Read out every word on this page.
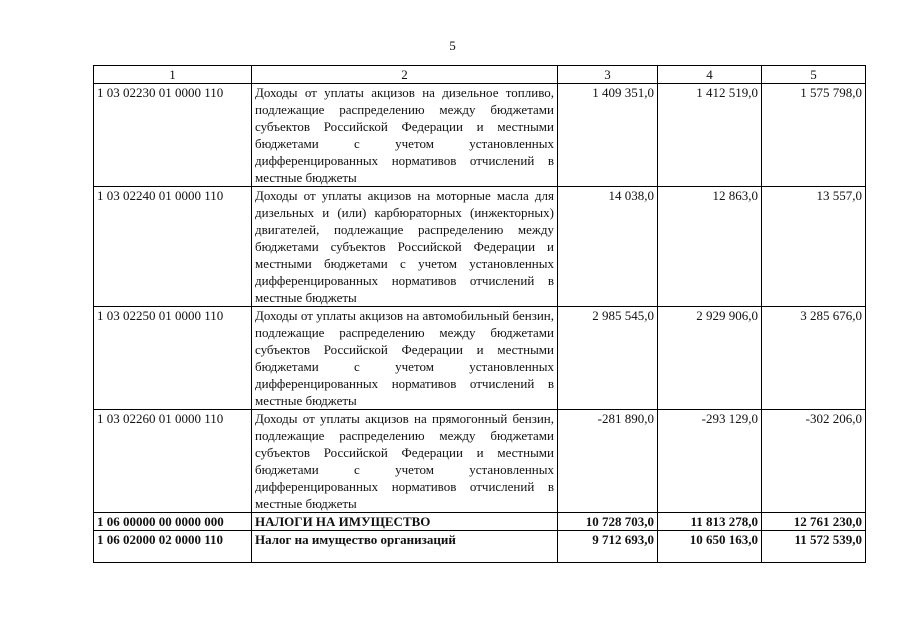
5
1	2	3	4	5
1 03 02230 01 0000 110	Доходы от уплаты акцизов на дизельное топливо, подлежащие распределению между бюджетами субъектов Российской Федерации и местными бюджетами с учетом установленных дифференцированных нормативов отчислений в местные бюджеты	1 409 351,0	1 412 519,0	1 575 798,0
1 03 02240 01 0000 110	Доходы от уплаты акцизов на моторные масла для дизельных и (или) карбюраторных (инжекторных) двигателей, подлежащие распределению между бюджетами субъектов Российской Федерации и местными бюджетами с учетом установленных дифференцированных нормативов отчислений в местные бюджеты	14 038,0	12 863,0	13 557,0
1 03 02250 01 0000 110	Доходы от уплаты акцизов на автомобильный бензин, подлежащие распределению между бюджетами субъектов Российской Федерации и местными бюджетами с учетом установленных дифференцированных нормативов отчислений в местные бюджеты	2 985 545,0	2 929 906,0	3 285 676,0
1 03 02260 01 0000 110	Доходы от уплаты акцизов на прямогонный бензин, подлежащие распределению между бюджетами субъектов Российской Федерации и местными бюджетами с учетом установленных дифференцированных нормативов отчислений в местные бюджеты	-281 890,0	-293 129,0	-302 206,0
1 06 00000 00 0000 000	НАЛОГИ НА ИМУЩЕСТВО	10 728 703,0	11 813 278,0	12 761 230,0
1 06 02000 02 0000 110	Налог на имущество организаций	9 712 693,0	10 650 163,0	11 572 539,0
